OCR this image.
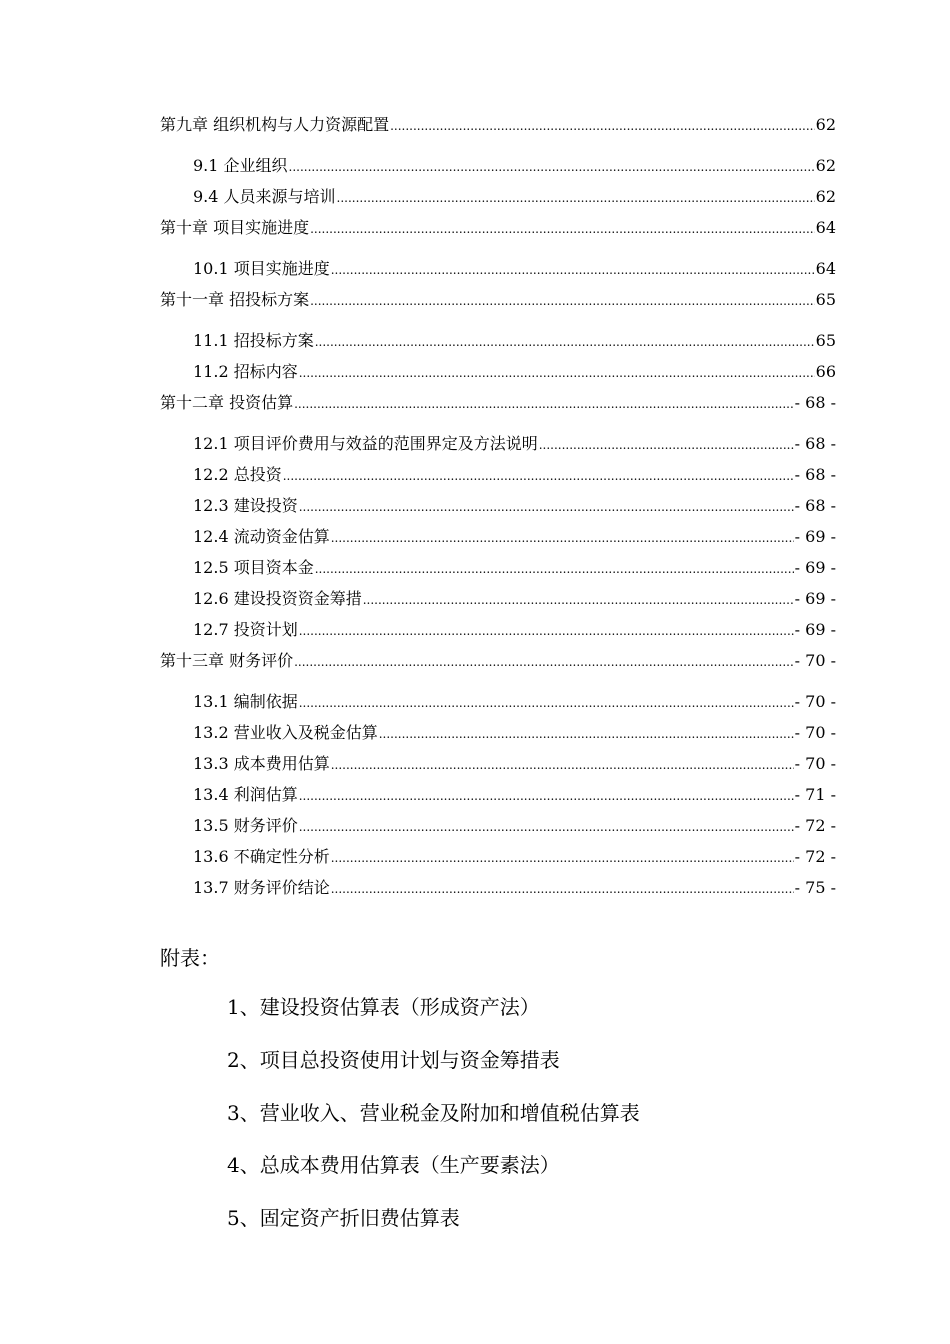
第九章 组织机构与人力资源配置 .....	62
9.1 企业组织 .....	62
9.4 人员来源与培训 .....	62
第十章 项目实施进度 .....	64
10.1 项目实施进度 .....	64
第十一章 招投标方案 .....	65
11.1 招投标方案 .....	65
11.2 招标内容 .....	66
第十二章 投资估算 .....	- 68 -
12.1 项目评价费用与效益的范围界定及方法说明 .....	- 68 -
12.2 总投资 .....	- 68 -
12.3 建设投资 .....	- 68 -
12.4 流动资金估算 .....	- 69 -
12.5 项目资本金 .....	- 69 -
12.6 建设投资资金筹措 .....	- 69 -
12.7 投资计划 .....	- 69 -
第十三章 财务评价 .....	- 70 -
13.1 编制依据 .....	- 70 -
13.2 营业收入及税金估算 .....	- 70 -
13.3 成本费用估算 .....	- 70 -
13.4 利润估算 .....	- 71 -
13.5 财务评价 .....	- 72 -
13.6 不确定性分析 .....	- 72 -
13.7 财务评价结论 .....	- 75 -
附表：
1、建设投资估算表（形成资产法）
2、项目总投资使用计划与资金筹措表
3、营业收入、营业税金及附加和增值税估算表
4、总成本费用估算表（生产要素法）
5、固定资产折旧费估算表
